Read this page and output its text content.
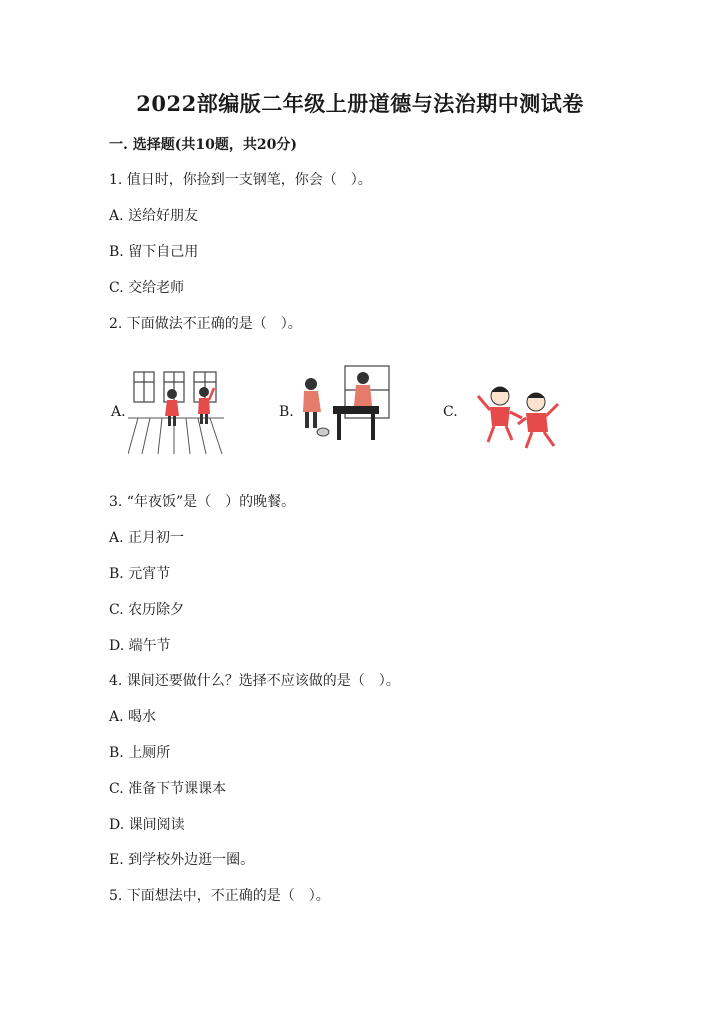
2022部编版二年级上册道德与法治期中测试卷
一. 选择题(共10题，共20分)
1. 值日时，你捡到一支钢笔，你会（　）。
A. 送给好朋友
B. 留下自己用
C. 交给老师
2. 下面做法不正确的是（　）。
A.	B.	C.
3. “年夜饭”是（　）的晚餐。
A. 正月初一
B. 元宵节
C. 农历除夕
D. 端午节
4. 课间还要做什么？选择不应该做的是（　）。
A. 喝水
B. 上厕所
C. 准备下节课课本
D. 课间阅读
E. 到学校外边逛一圈。
5. 下面想法中，不正确的是（　）。
